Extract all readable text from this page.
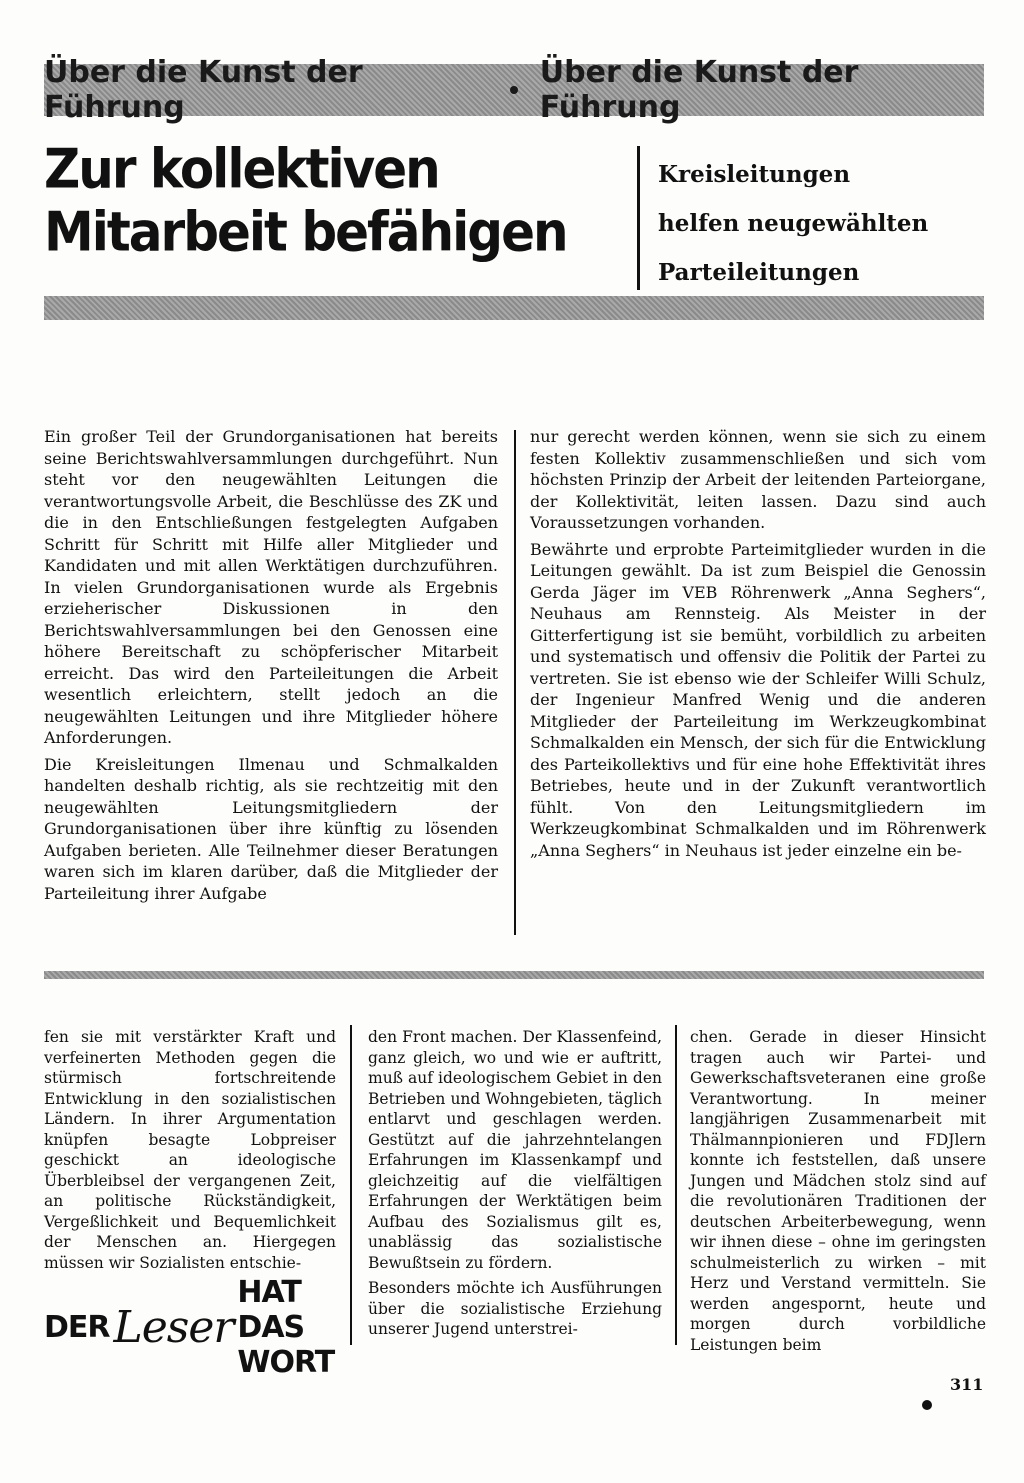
Über die Kunst der Führung
Über die Kunst der Führung
Zur kollektiven
Mitarbeit befähigen
Kreisleitungen
helfen neugewählten
Parteileitungen

Ein großer Teil der Grundorganisationen hat bereits seine Berichtswahlversammlungen durchgeführt. Nun steht vor den neugewählten Leitungen die verantwortungsvolle Arbeit, die Beschlüsse des ZK und die in den Entschließungen festgelegten Aufgaben Schritt für Schritt mit Hilfe aller Mitglieder und Kandidaten und mit allen Werktätigen durchzuführen. In vielen Grundorganisationen wurde als Ergebnis erzieherischer Diskussionen in den Berichtswahlversammlungen bei den Genossen eine höhere Bereitschaft zu schöpferischer Mitarbeit erreicht. Das wird den Parteileitungen die Arbeit wesentlich erleichtern, stellt jedoch an die neugewählten Leitungen und ihre Mitglieder höhere Anforderungen.

Die Kreisleitungen Ilmenau und Schmalkalden handelten deshalb richtig, als sie rechtzeitig mit den neugewählten Leitungsmitgliedern der Grundorganisationen über ihre künftig zu lösenden Aufgaben berieten. Alle Teilnehmer dieser Beratungen waren sich im klaren darüber, daß die Mitglieder der Parteileitung ihrer Aufgabe

nur gerecht werden können, wenn sie sich zu einem festen Kollektiv zusammenschließen und sich vom höchsten Prinzip der Arbeit der leitenden Parteiorgane, der Kollektivität, leiten lassen. Dazu sind auch Voraussetzungen vorhanden.

Bewährte und erprobte Parteimitglieder wurden in die Leitungen gewählt. Da ist zum Beispiel die Genossin Gerda Jäger im VEB Röhrenwerk „Anna Seghers“, Neuhaus am Rennsteig. Als Meister in der Gitterfertigung ist sie bemüht, vorbildlich zu arbeiten und systematisch und offensiv die Politik der Partei zu vertreten. Sie ist ebenso wie der Schleifer Willi Schulz, der Ingenieur Manfred Wenig und die anderen Mitglieder der Parteileitung im Werkzeugkombinat Schmalkalden ein Mensch, der sich für die Entwicklung des Parteikollektivs und für eine hohe Effektivität ihres Betriebes, heute und in der Zukunft verantwortlich fühlt. Von den Leitungsmitgliedern im Werkzeugkombinat Schmalkalden und im Röhrenwerk „Anna Seghers“ in Neuhaus ist jeder einzelne ein be-

fen sie mit verstärkter Kraft und verfeinerten Methoden gegen die stürmisch fortschreitende Entwicklung in den sozialistischen Ländern. In ihrer Argumentation knüpfen besagte Lobpreiser geschickt an ideologische Überbleibsel der vergangenen Zeit, an politische Rückständigkeit, Vergeßlichkeit und Bequemlichkeit der Menschen an. Hiergegen müssen wir Sozialisten entschie-

den Front machen. Der Klassenfeind, ganz gleich, wo und wie er auftritt, muß auf ideologischem Gebiet in den Betrieben und Wohngebieten, täglich entlarvt und geschlagen werden. Gestützt auf die jahrzehntelangen Erfahrungen im Klassenkampf und gleichzeitig auf die vielfältigen Erfahrungen der Werktätigen beim Aufbau des Sozialismus gilt es, unablässig das sozialistische Bewußtsein zu fördern.

Besonders möchte ich Ausführungen über die sozialistische Erziehung unserer Jugend unterstrei-

chen. Gerade in dieser Hinsicht tragen auch wir Partei- und Gewerkschaftsveteranen eine große Verantwortung. In meiner langjährigen Zusammenarbeit mit Thälmannpionieren und FDJlern konnte ich feststellen, daß unsere Jungen und Mädchen stolz sind auf die revolutionären Traditionen der deutschen Arbeiterbewegung, wenn wir ihnen diese – ohne im geringsten schulmeisterlich zu wirken – mit Herz und Verstand vermitteln. Sie werden angespornt, heute und morgen durch vorbildliche Leistungen beim

DER Leser
HAT DAS WORT
311
